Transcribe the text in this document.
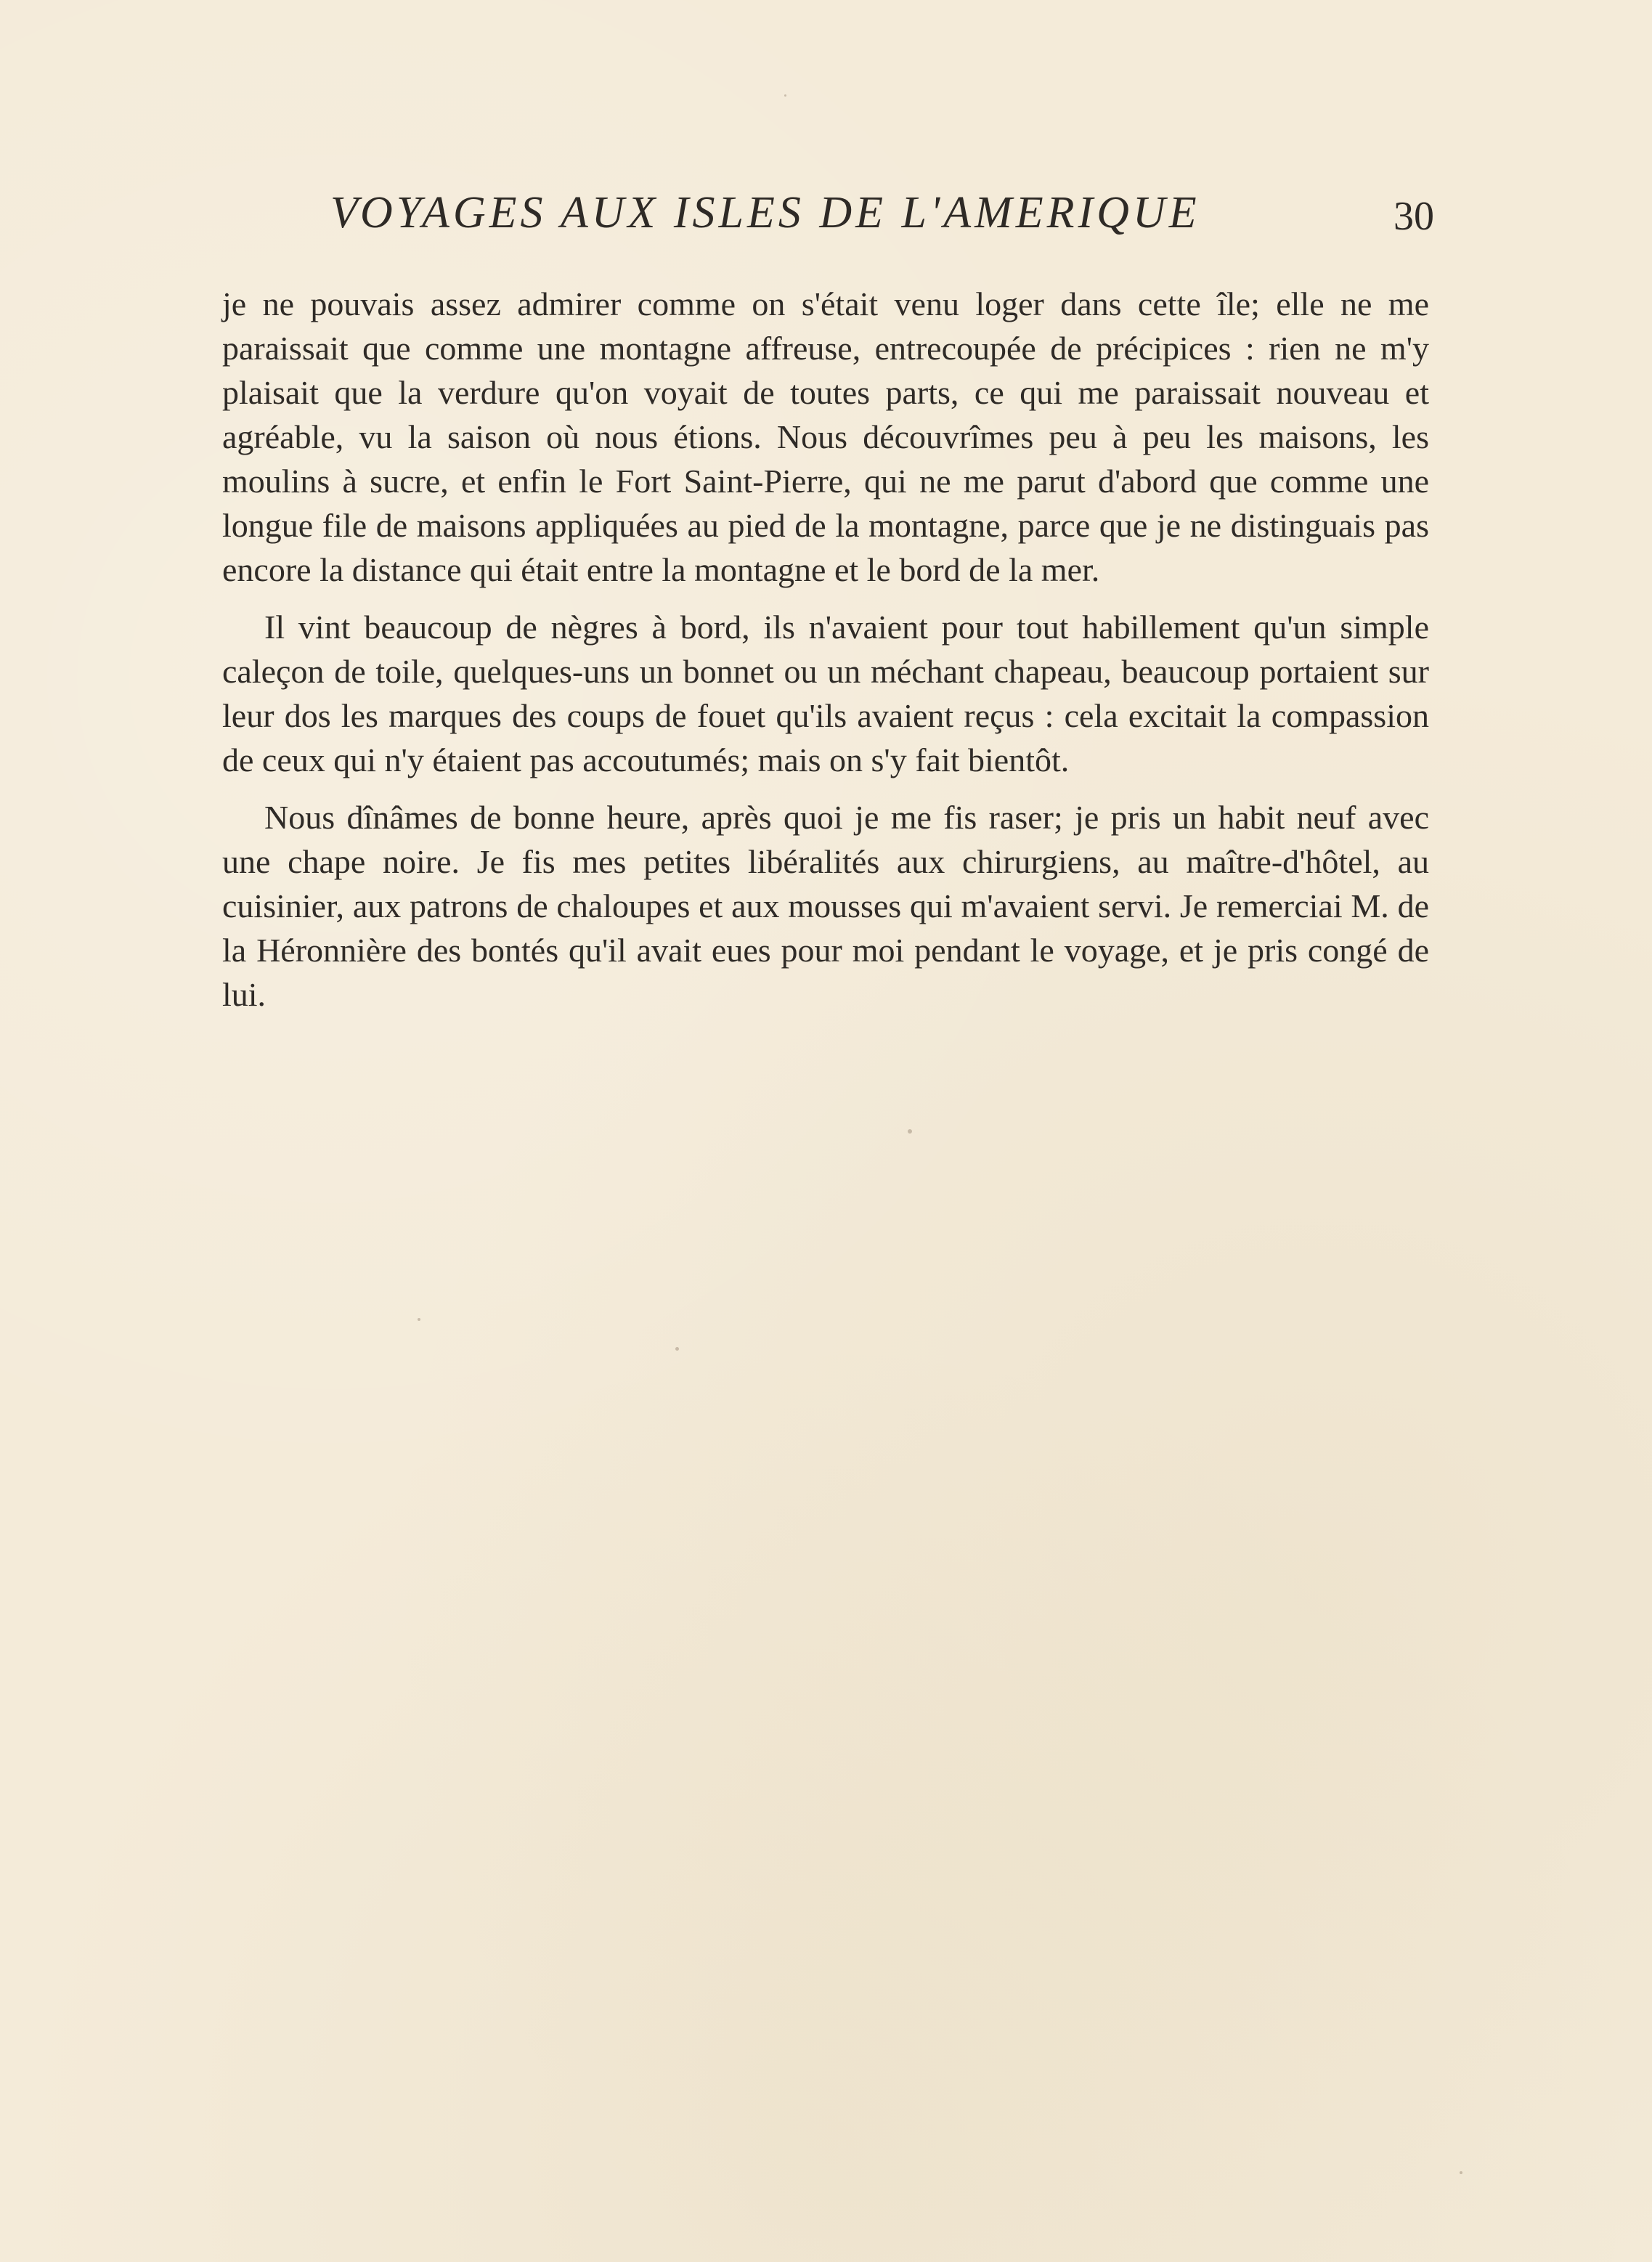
VOYAGES AUX ISLES DE L'AMERIQUE	30

je ne pouvais assez admirer comme on s'était venu loger dans cette île; elle ne me paraissait que comme une montagne affreuse, entrecoupée de précipices : rien ne m'y plaisait que la verdure qu'on voyait de toutes parts, ce qui me paraissait nouveau et agréable, vu la saison où nous étions. Nous découvrîmes peu à peu les maisons, les moulins à sucre, et enfin le Fort Saint-Pierre, qui ne me parut d'abord que comme une longue file de maisons appliquées au pied de la montagne, parce que je ne distinguais pas encore la distance qui était entre la montagne et le bord de la mer.

Il vint beaucoup de nègres à bord, ils n'avaient pour tout habillement qu'un simple caleçon de toile, quelques-uns un bonnet ou un méchant chapeau, beaucoup portaient sur leur dos les marques des coups de fouet qu'ils avaient reçus : cela excitait la compassion de ceux qui n'y étaient pas accoutumés; mais on s'y fait bientôt.

Nous dînâmes de bonne heure, après quoi je me fis raser; je pris un habit neuf avec une chape noire. Je fis mes petites libéralités aux chirurgiens, au maître-d'hôtel, au cuisinier, aux patrons de chaloupes et aux mousses qui m'avaient servi. Je remerciai M. de la Héronnière des bontés qu'il avait eues pour moi pendant le voyage, et je pris congé de lui.
